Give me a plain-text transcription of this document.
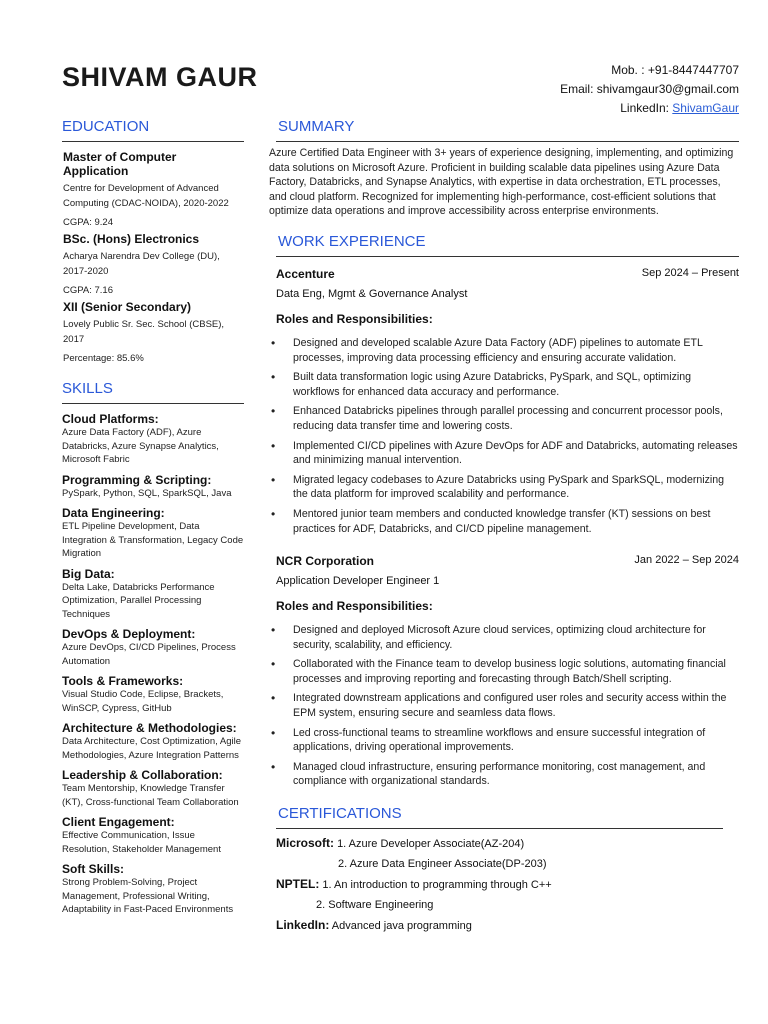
SHIVAM GAUR	Mob. : +91-8447447707
Email: shivamgaur30@gmail.com
LinkedIn: ShivamGaur
EDUCATION
Master of Computer Application
Centre for Development of Advanced Computing (CDAC-NOIDA), 2020-2022
CGPA: 9.24
BSc. (Hons) Electronics
Acharya Narendra Dev College (DU), 2017-2020
CGPA: 7.16
XII (Senior Secondary)
Lovely Public Sr. Sec. School (CBSE), 2017
Percentage: 85.6%
SKILLS
Cloud Platforms:
Azure Data Factory (ADF), Azure Databricks, Azure Synapse Analytics, Microsoft Fabric
Programming & Scripting:
PySpark, Python, SQL, SparkSQL, Java
Data Engineering:
ETL Pipeline Development, Data Integration & Transformation, Legacy Code Migration
Big Data:
Delta Lake, Databricks Performance Optimization, Parallel Processing Techniques
DevOps & Deployment:
Azure DevOps, CI/CD Pipelines, Process Automation
Tools & Frameworks:
Visual Studio Code, Eclipse, Brackets, WinSCP, Cypress, GitHub
Architecture & Methodologies:
Data Architecture, Cost Optimization, Agile Methodologies, Azure Integration Patterns
Leadership & Collaboration:
Team Mentorship, Knowledge Transfer (KT), Cross-functional Team Collaboration
Client Engagement:
Effective Communication, Issue Resolution, Stakeholder Management
Soft Skills:
Strong Problem-Solving, Project Management, Professional Writing, Adaptability in Fast-Paced Environments
SUMMARY
Azure Certified Data Engineer with 3+ years of experience designing, implementing, and optimizing data solutions on Microsoft Azure. Proficient in building scalable data pipelines using Azure Data Factory, Databricks, and Synapse Analytics, with expertise in data orchestration, ETL processes, and cloud platform. Recognized for implementing high-performance, cost-efficient solutions that optimize data operations and improve accessibility across enterprise environments.
WORK EXPERIENCE
Accenture	Sep 2024 – Present
Data Eng, Mgmt & Governance Analyst
Roles and Responsibilities:
• Designed and developed scalable Azure Data Factory (ADF) pipelines to automate ETL processes, improving data processing efficiency and ensuring accurate validation.
• Built data transformation logic using Azure Databricks, PySpark, and SQL, optimizing workflows for enhanced data accuracy and performance.
• Enhanced Databricks pipelines through parallel processing and concurrent processor pools, reducing data transfer time and lowering costs.
• Implemented CI/CD pipelines with Azure DevOps for ADF and Databricks, automating releases and minimizing manual intervention.
• Migrated legacy codebases to Azure Databricks using PySpark and SparkSQL, modernizing the data platform for improved scalability and performance.
• Mentored junior team members and conducted knowledge transfer (KT) sessions on best practices for ADF, Databricks, and CI/CD pipeline management.
NCR Corporation	Jan 2022 – Sep 2024
Application Developer Engineer 1
Roles and Responsibilities:
• Designed and deployed Microsoft Azure cloud services, optimizing cloud architecture for security, scalability, and efficiency.
• Collaborated with the Finance team to develop business logic solutions, automating financial processes and improving reporting and forecasting through Batch/Shell scripting.
• Integrated downstream applications and configured user roles and security access within the EPM system, ensuring secure and seamless data flows.
• Led cross-functional teams to streamline workflows and ensure successful integration of applications, driving operational improvements.
• Managed cloud infrastructure, ensuring performance monitoring, cost management, and compliance with organizational standards.
CERTIFICATIONS
Microsoft: 1. Azure Developer Associate(AZ-204)
2. Azure Data Engineer Associate(DP-203)
NPTEL: 1. An introduction to programming through C++
2. Software Engineering
LinkedIn: Advanced java programming
